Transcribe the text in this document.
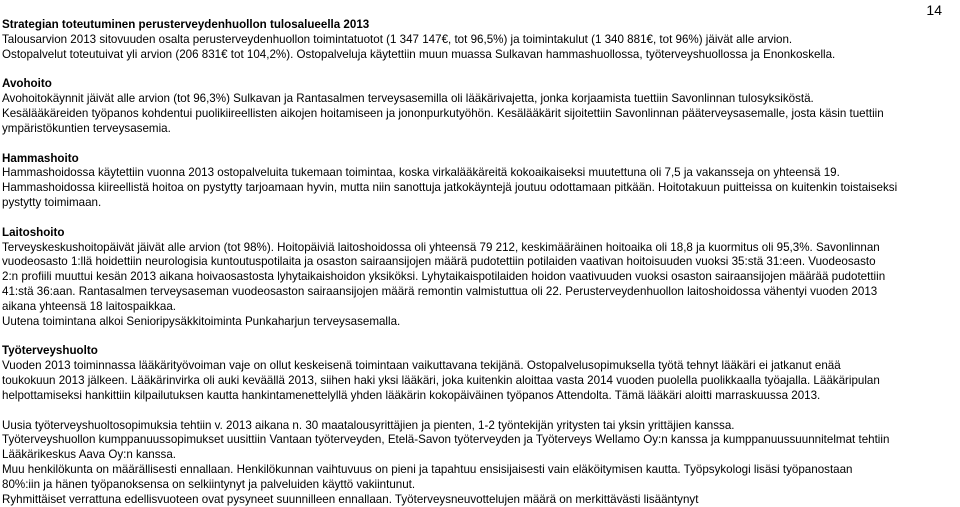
14
Strategian toteutuminen perusterveydenhuollon tulosalueella 2013

Talousarvion 2013 sitovuuden osalta perusterveydenhuollon toimintatuotot (1 347 147€, tot 96,5%) ja toimintakulut (1 340 881€, tot 96%) jäivät alle arvion.

Ostopalvelut toteutuivat yli arvion (206 831€ tot 104,2%). Ostopalveluja käytettiin muun muassa Sulkavan hammashuollossa, työterveyshuollossa ja Enonkoskella.

Avohoito

Avohoitokäynnit jäivät alle arvion (tot 96,3%) Sulkavan ja Rantasalmen terveysasemilla oli lääkärivajetta, jonka korjaamista tuettiin Savonlinnan tulosyksiköstä.

Kesälääkäreiden työpanos kohdentui puolikiireellisten aikojen hoitamiseen ja jononpurkutyöhön. Kesälääkärit sijoitettiin Savonlinnan pääterveysasemalle, josta käsin tuettiin

ympäristökuntien terveysasemia.

Hammashoito

Hammashoidossa käytettiin vuonna 2013 ostopalveluita tukemaan toimintaa, koska virkalääkäreitä kokoaikaiseksi muutettuna oli 7,5 ja vakansseja on yhteensä 19.

Hammashoidossa kiireellistä hoitoa on pystytty tarjoamaan hyvin, mutta niin sanottuja jatkokäyntejä joutuu odottamaan pitkään. Hoitotakuun puitteissa on kuitenkin toistaiseksi

pystytty toimimaan.

Laitoshoito

Terveyskeskushoitopäivät jäivät alle arvion (tot 98%). Hoitopäiviä laitoshoidossa oli yhteensä 79 212, keskimääräinen hoitoaika oli 18,8 ja kuormitus oli 95,3%. Savonlinnan

vuodeosasto 1:llä hoidettiin neurologisia kuntoutuspotilaita ja osaston sairaansijojen määrä pudotettiin potilaiden vaativan hoitoisuuden vuoksi 35:stä 31:een. Vuodeosasto

2:n profiili muuttui kesän 2013 aikana hoivaosastosta lyhytaikaishoidon yksiköksi. Lyhytaikaispotilaiden hoidon vaativuuden vuoksi osaston sairaansijojen määrää pudotettiin

41:stä 36:aan. Rantasalmen terveysaseman vuodeosaston sairaansijojen määrä remontin valmistuttua oli 22. Perusterveydenhuollon laitoshoidossa vähentyi vuoden 2013

aikana yhteensä 18 laitospaikkaa.

Uutena toimintana alkoi Senioripysäkkitoiminta Punkaharjun terveysasemalla.

Työterveyshuolto

Vuoden 2013 toiminnassa lääkärityövoiman vaje on ollut keskeisenä toimintaan vaikuttavana tekijänä. Ostopalvelusopimuksella työtä tehnyt lääkäri ei jatkanut enää

toukokuun 2013 jälkeen. Lääkärinvirka oli auki keväällä 2013, siihen haki yksi lääkäri, joka kuitenkin aloittaa vasta 2014 vuoden puolella puolikkaalla työajalla. Lääkäripulan

helpottamiseksi hankittiin kilpailutuksen kautta hankintamenettelyllä yhden lääkärin kokopäiväinen työpanos Attendolta. Tämä lääkäri aloitti marraskuussa 2013.

Uusia työterveyshuoltosopimuksia tehtiin v. 2013 aikana n. 30 maatalousyrittäjien ja pienten, 1-2 työntekijän yritysten tai yksin yrittäjien kanssa.

Työterveyshuollon kumppanuussopimukset uusittiin Vantaan työterveyden, Etelä-Savon työterveyden ja Työterveys Wellamo Oy:n kanssa ja kumppanuussuunnitelmat tehtiin

Lääkärikeskus Aava Oy:n kanssa.

Muu henkilökunta on määrällisesti ennallaan. Henkilökunnan vaihtuvuus on pieni ja tapahtuu ensisijaisesti vain eläköitymisen kautta. Työpsykologi lisäsi työpanostaan

80%:iin ja hänen työpanoksensa on selkiintynyt ja palveluiden käyttö vakiintunut.

Ryhmittäiset verrattuna edellisvuoteen ovat pysyneet suunnilleen ennallaan. Työterveysneuvottelujen määrä on merkittävästi lisääntynyt
